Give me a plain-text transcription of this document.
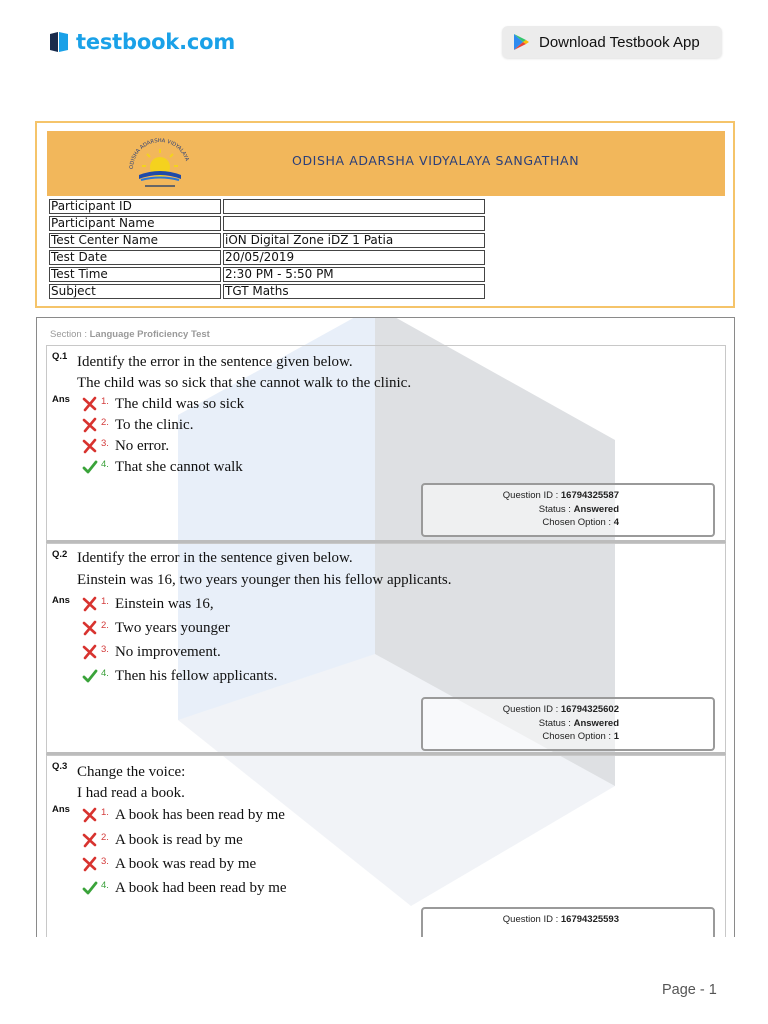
testbook.com	Download Testbook App
ODISHA ADARSHA VIDYALAYA	ODISHA ADARSHA VIDYALAYA SANGATHAN
Participant ID	
Participant Name	
Test Center Name	iON Digital Zone iDZ 1 Patia
Test Date	20/05/2019
Test Time	2:30 PM - 5:50 PM
Subject	TGT Maths
Section : Language Proficiency Test
Q.1 Identify the error in the sentence given below.
The child was so sick that she cannot walk to the clinic.
Ans	1. The child was so sick
2. To the clinic.
3. No error.
4. That she cannot walk
Question ID : 16794325587
Status : Answered
Chosen Option : 4
Q.2 Identify the error in the sentence given below.
Einstein was 16, two years younger then his fellow applicants.
Ans	1. Einstein was 16,
2. Two years younger
3. No improvement.
4. Then his fellow applicants.
Question ID : 16794325602
Status : Answered
Chosen Option : 1
Q.3 Change the voice:
I had read a book.
Ans	1. A book has been read by me
2. A book is read by me
3. A book was read by me
4. A book had been read by me
Question ID : 16794325593
Page - 1
